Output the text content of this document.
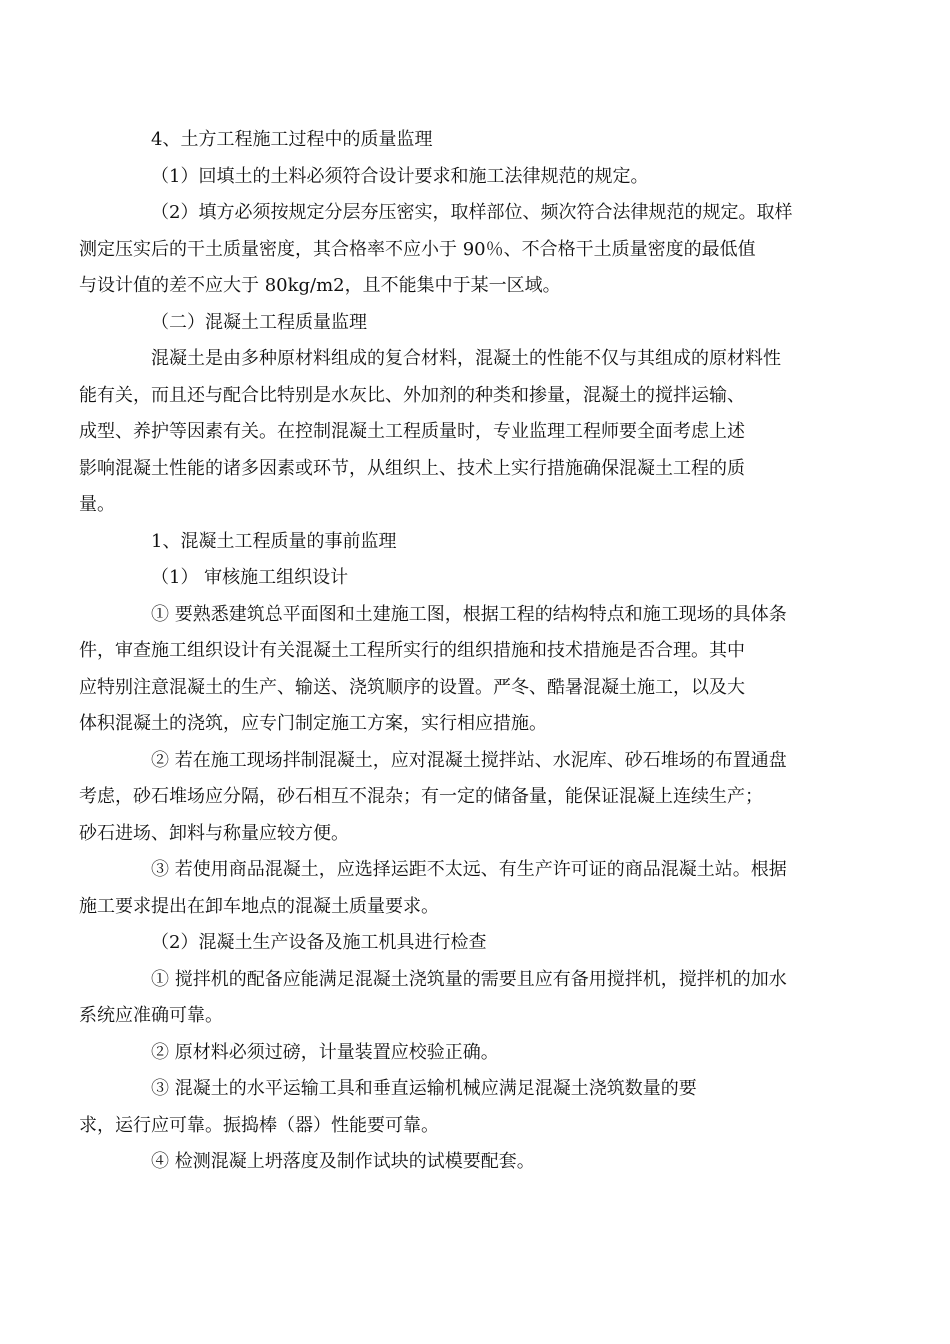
4、土方工程施工过程中的质量监理
（1）回填土的土料必须符合设计要求和施工法律规范的规定。
（2）填方必须按规定分层夯压密实，取样部位、频次符合法律规范的规定。取样
测定压实后的干土质量密度，其合格率不应小于 90％、不合格干土质量密度的最低值
与设计值的差不应大于 80kg/m2，且不能集中于某一区域。
（二）混凝土工程质量监理
混凝土是由多种原材料组成的复合材料，混凝土的性能不仅与其组成的原材料性
能有关，而且还与配合比特别是水灰比、外加剂的种类和掺量，混凝土的搅拌运输、
成型、养护等因素有关。在控制混凝土工程质量时，专业监理工程师要全面考虑上述
影响混凝土性能的诸多因素或环节，从组织上、技术上实行措施确保混凝土工程的质
量。
1、混凝土工程质量的事前监理
（1） 审核施工组织设计
① 要熟悉建筑总平面图和土建施工图，根据工程的结构特点和施工现场的具体条
件，审查施工组织设计有关混凝土工程所实行的组织措施和技术措施是否合理。其中
应特别注意混凝土的生产、输送、浇筑顺序的设置。严冬、酷暑混凝土施工，以及大
体积混凝土的浇筑，应专门制定施工方案，实行相应措施。
② 若在施工现场拌制混凝土，应对混凝土搅拌站、水泥库、砂石堆场的布置通盘
考虑，砂石堆场应分隔，砂石相互不混杂；有一定的储备量，能保证混凝上连续生产；
砂石进场、卸料与称量应较方便。
③ 若使用商品混凝土，应选择运距不太远、有生产许可证的商品混凝土站。根据
施工要求提出在卸车地点的混凝土质量要求。
（2）混凝土生产设备及施工机具进行检查
① 搅拌机的配备应能满足混凝土浇筑量的需要且应有备用搅拌机，搅拌机的加水
系统应准确可靠。
② 原材料必须过磅，计量装置应校验正确。
③ 混凝土的水平运输工具和垂直运输机械应满足混凝土浇筑数量的要
求，运行应可靠。振捣棒（器）性能要可靠。
④ 检测混凝上坍落度及制作试块的试模要配套。
